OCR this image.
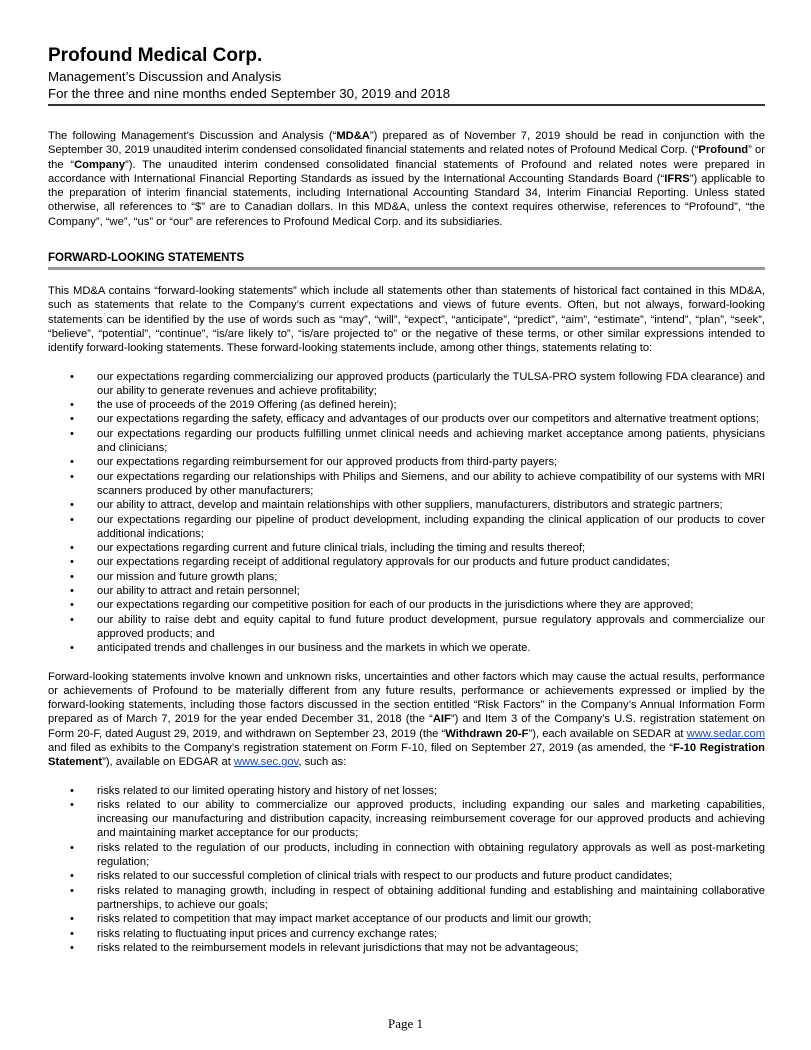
Profound Medical Corp.
Management’s Discussion and Analysis
For the three and nine months ended September 30, 2019 and 2018

The following Management’s Discussion and Analysis (“MD&A”) prepared as of November 7, 2019 should be read in conjunction with the September 30, 2019 unaudited interim condensed consolidated financial statements and related notes of Profound Medical Corp. (“Profound” or the “Company”). The unaudited interim condensed consolidated financial statements of Profound and related notes were prepared in accordance with International Financial Reporting Standards as issued by the International Accounting Standards Board (“IFRS”) applicable to the preparation of interim financial statements, including International Accounting Standard 34, Interim Financial Reporting. Unless stated otherwise, all references to “$” are to Canadian dollars. In this MD&A, unless the context requires otherwise, references to “Profound”, “the Company”, “we”, “us” or “our” are references to Profound Medical Corp. and its subsidiaries.

FORWARD-LOOKING STATEMENTS

This MD&A contains “forward-looking statements” which include all statements other than statements of historical fact contained in this MD&A, such as statements that relate to the Company’s current expectations and views of future events. Often, but not always, forward-looking statements can be identified by the use of words such as “may”, “will”, “expect”, “anticipate”, “predict”, “aim”, “estimate”, “intend”, “plan”, “seek”, “believe”, “potential”, “continue”, “is/are likely to”, “is/are projected to” or the negative of these terms, or other similar expressions intended to identify forward-looking statements. These forward-looking statements include, among other things, statements relating to:

• our expectations regarding commercializing our approved products (particularly the TULSA-PRO system following FDA clearance) and our ability to generate revenues and achieve profitability;
• the use of proceeds of the 2019 Offering (as defined herein);
• our expectations regarding the safety, efficacy and advantages of our products over our competitors and alternative treatment options;
• our expectations regarding our products fulfilling unmet clinical needs and achieving market acceptance among patients, physicians and clinicians;
• our expectations regarding reimbursement for our approved products from third-party payers;
• our expectations regarding our relationships with Philips and Siemens, and our ability to achieve compatibility of our systems with MRI scanners produced by other manufacturers;
• our ability to attract, develop and maintain relationships with other suppliers, manufacturers, distributors and strategic partners;
• our expectations regarding our pipeline of product development, including expanding the clinical application of our products to cover additional indications;
• our expectations regarding current and future clinical trials, including the timing and results thereof;
• our expectations regarding receipt of additional regulatory approvals for our products and future product candidates;
• our mission and future growth plans;
• our ability to attract and retain personnel;
• our expectations regarding our competitive position for each of our products in the jurisdictions where they are approved;
• our ability to raise debt and equity capital to fund future product development, pursue regulatory approvals and commercialize our approved products; and
• anticipated trends and challenges in our business and the markets in which we operate.

Forward-looking statements involve known and unknown risks, uncertainties and other factors which may cause the actual results, performance or achievements of Profound to be materially different from any future results, performance or achievements expressed or implied by the forward-looking statements, including those factors discussed in the section entitled “Risk Factors” in the Company’s Annual Information Form prepared as of March 7, 2019 for the year ended December 31, 2018 (the “AIF”) and Item 3 of the Company’s U.S. registration statement on Form 20-F, dated August 29, 2019, and withdrawn on September 23, 2019 (the “Withdrawn 20-F”), each available on SEDAR at www.sedar.com and filed as exhibits to the Company’s registration statement on Form F-10, filed on September 27, 2019 (as amended, the “F-10 Registration Statement”), available on EDGAR at www.sec.gov, such as:

• risks related to our limited operating history and history of net losses;
• risks related to our ability to commercialize our approved products, including expanding our sales and marketing capabilities, increasing our manufacturing and distribution capacity, increasing reimbursement coverage for our approved products and achieving and maintaining market acceptance for our products;
• risks related to the regulation of our products, including in connection with obtaining regulatory approvals as well as post-marketing regulation;
• risks related to our successful completion of clinical trials with respect to our products and future product candidates;
• risks related to managing growth, including in respect of obtaining additional funding and establishing and maintaining collaborative partnerships, to achieve our goals;
• risks related to competition that may impact market acceptance of our products and limit our growth;
• risks relating to fluctuating input prices and currency exchange rates;
• risks related to the reimbursement models in relevant jurisdictions that may not be advantageous;
Page 1
